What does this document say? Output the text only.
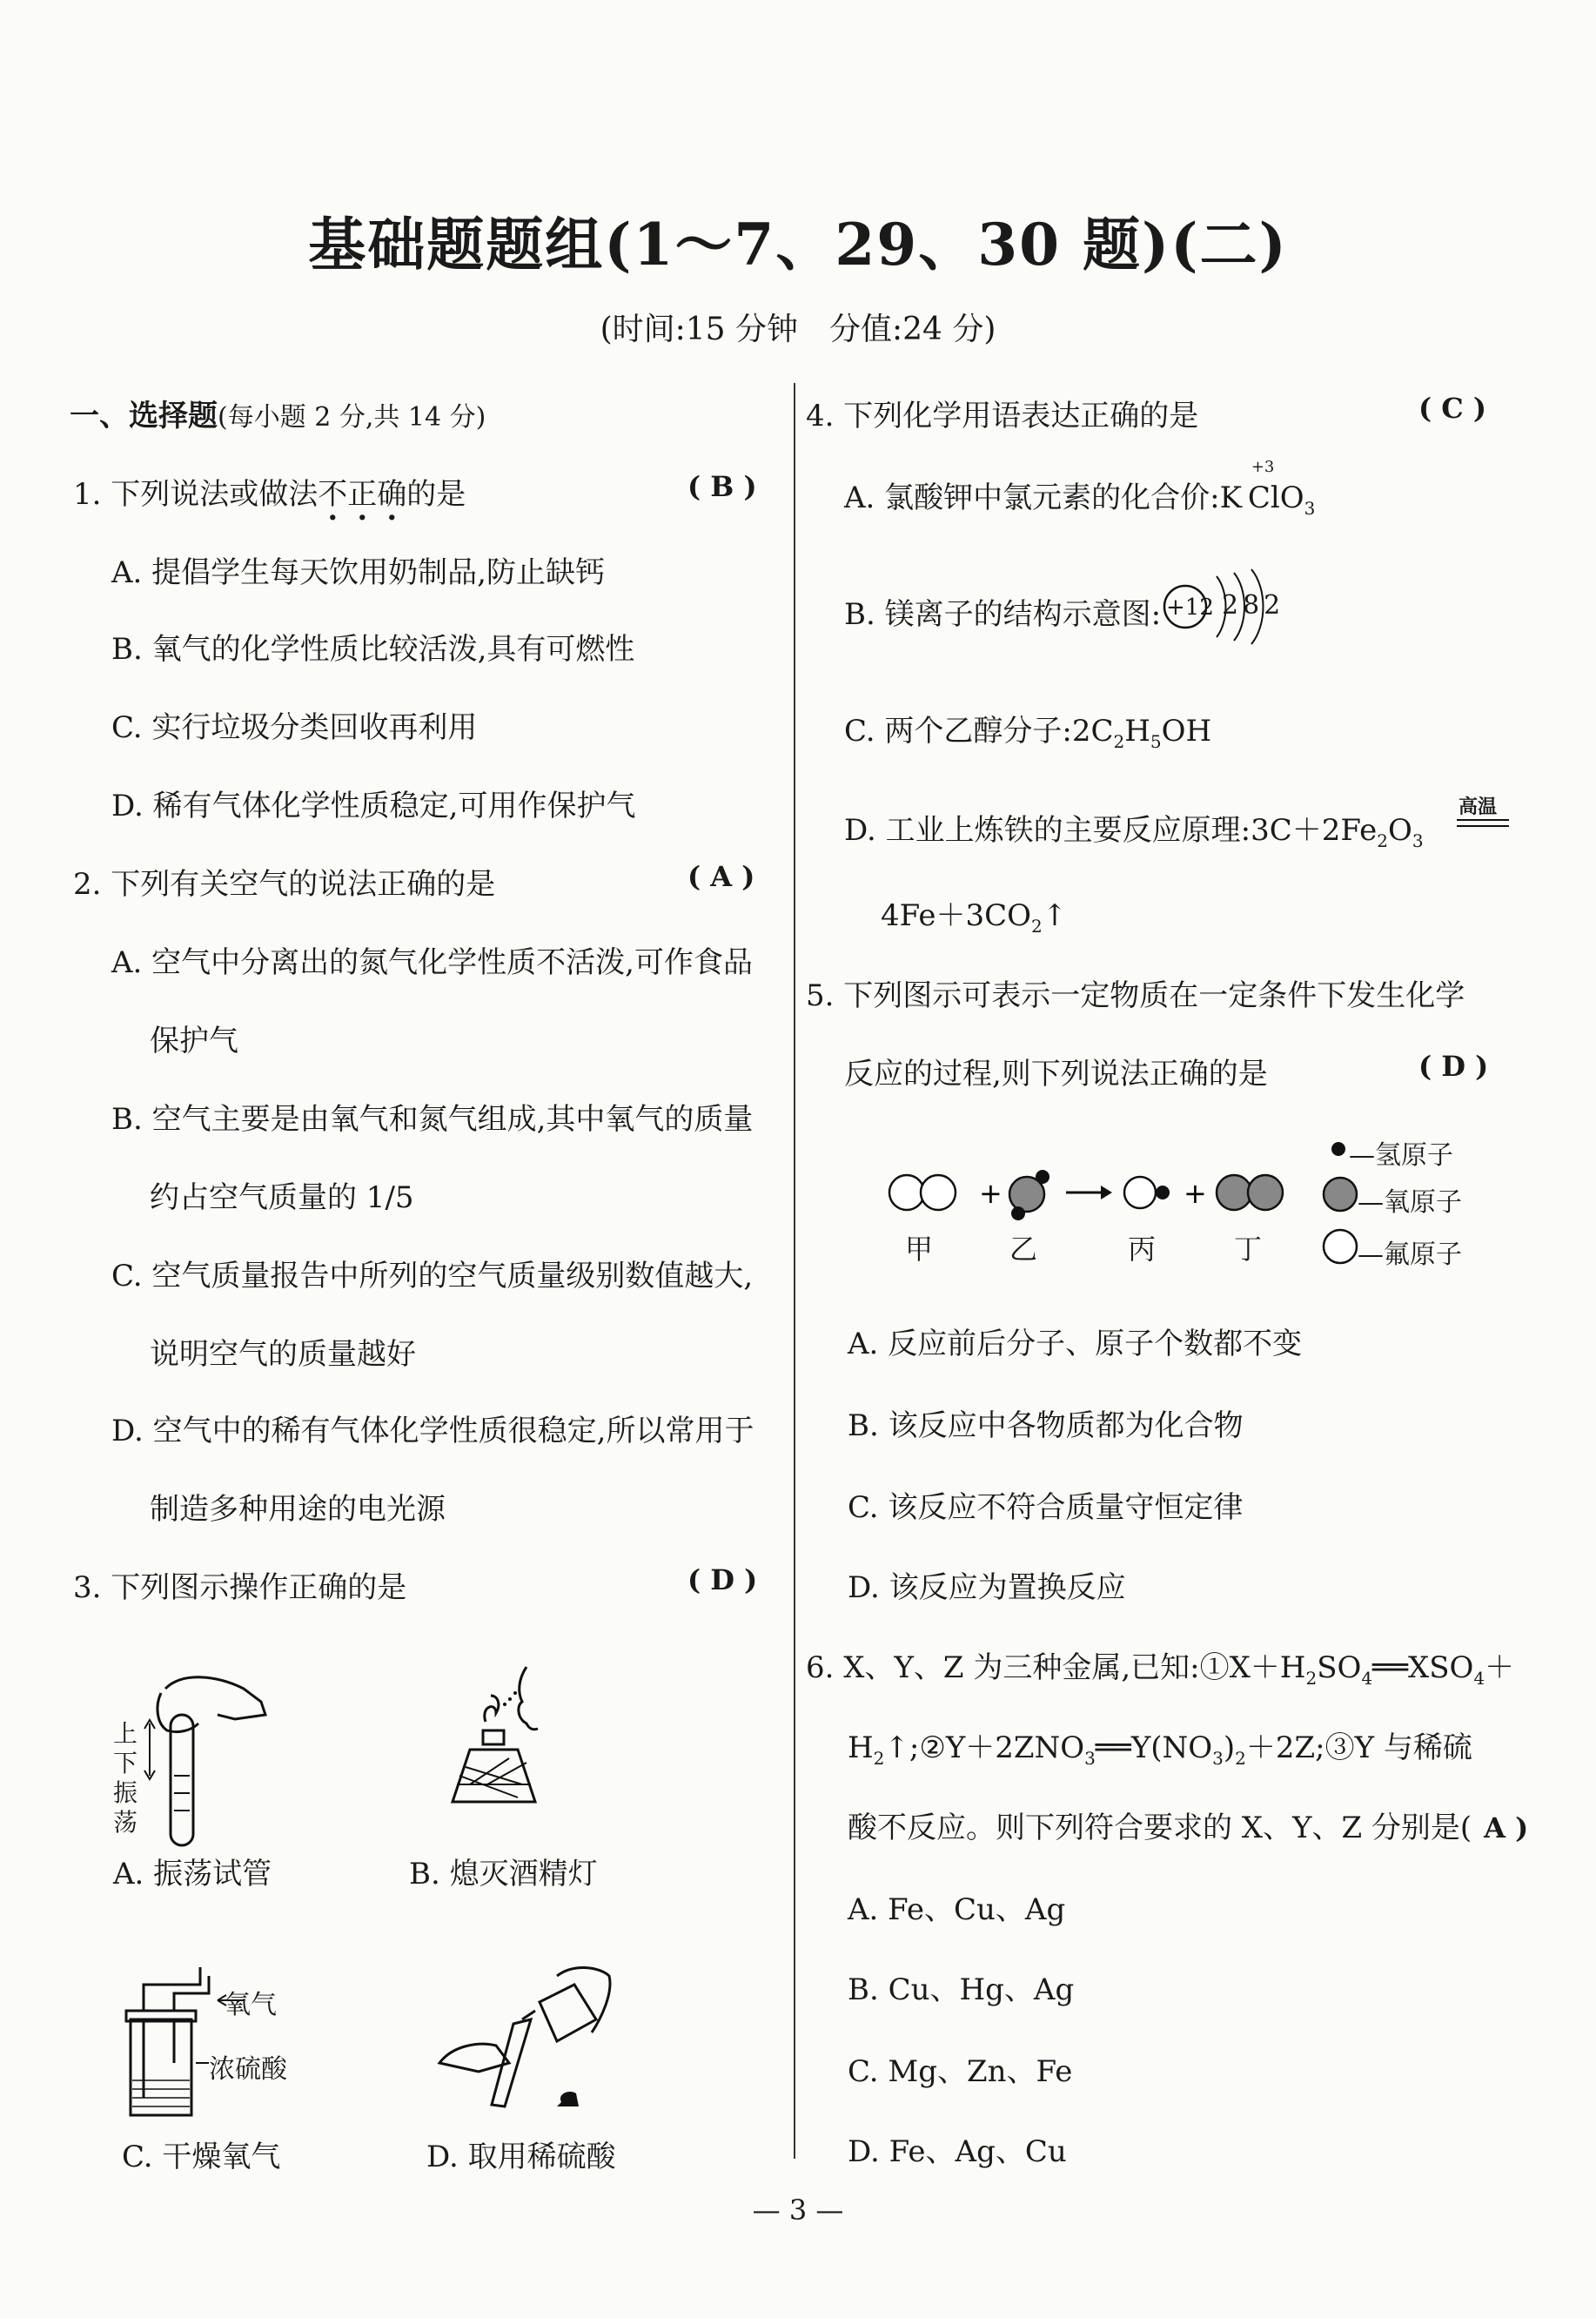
基础题题组(1～7、29、30 题)(二)
(时间:15 分钟　分值:24 分)
一、选择题(每小题 2 分,共 14 分)
1. 下列说法或做法不正确的是	( B )
A. 提倡学生每天饮用奶制品,防止缺钙
B. 氧气的化学性质比较活泼,具有可燃性
C. 实行垃圾分类回收再利用
D. 稀有气体化学性质稳定,可用作保护气
2. 下列有关空气的说法正确的是	( A )
A. 空气中分离出的氮气化学性质不活泼,可作食品
保护气
B. 空气主要是由氧气和氮气组成,其中氧气的质量
约占空气质量的 1/5
C. 空气质量报告中所列的空气质量级别数值越大,
说明空气的质量越好
D. 空气中的稀有气体化学性质很稳定,所以常用于
制造多种用途的电光源
3. 下列图示操作正确的是	( D )
上下振荡
A. 振荡试管	B. 熄灭酒精灯
氧气
浓硫酸
C. 干燥氧气	D. 取用稀硫酸
4. 下列化学用语表达正确的是	( C )
A. 氯酸钾中氯元素的化合价:K 
+3
ClO$_3$
B. 镁离子的结构示意图: +12 282
C. 两个乙醇分子$:2C_2H_5OH$
D. 工业上炼铁的主要反应原理$:3C+2Fe_2O_3$
高温
$4Fe+3CO_2↑$
5. 下列图示可表示一定物质在一定条件下发生化学
反应的过程,则下列说法正确的是	( D )
+	+
甲	乙	丙	丁
—氢原子
—氧原子
—氟原子
A. 反应前后分子、原子个数都不变
B. 该反应中各物质都为化合物
C. 该反应不符合质量守恒定律
D. 该反应为置换反应
6. X、Y、Z 为三种金属,已知$:①X+H_2SO_4══XSO_4+$
$H_2↑;②Y+2ZNO_3══Y(NO_3)_2+2Z;③Y$ 与稀硫
酸不反应。则下列符合要求的 X、Y、Z 分别是( A )
A. Fe、Cu、Ag
B. Cu、Hg、Ag
C. Mg、Zn、Fe
D. Fe、Ag、Cu
— 3 —
